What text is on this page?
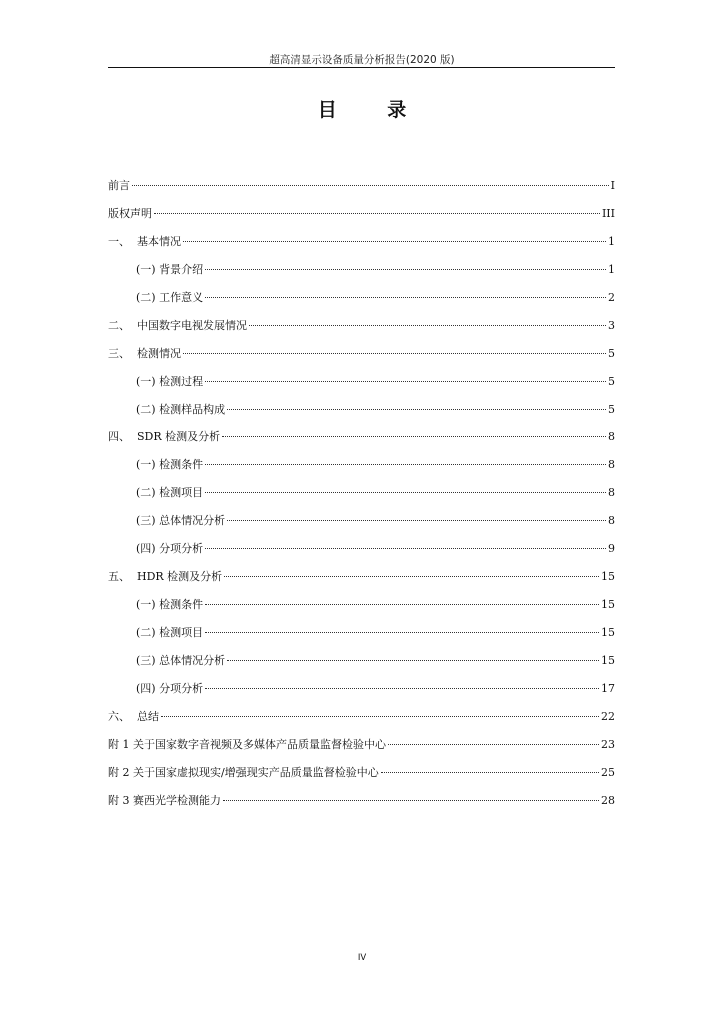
超高清显示设备质量分析报告(2020 版)
目 录
前言	I
版权声明	III
一、  基本情况	1
(一) 背景介绍	1
(二) 工作意义	2
二、  中国数字电视发展情况	3
三、  检测情况	5
(一) 检测过程	5
(二) 检测样品构成	5
四、  SDR 检测及分析	8
(一) 检测条件	8
(二) 检测项目	8
(三) 总体情况分析	8
(四) 分项分析	9
五、  HDR 检测及分析	15
(一) 检测条件	15
(二) 检测项目	15
(三) 总体情况分析	15
(四) 分项分析	17
六、  总结	22
附 1 关于国家数字音视频及多媒体产品质量监督检验中心	23
附 2 关于国家虚拟现实/增强现实产品质量监督检验中心	25
附 3 赛西光学检测能力	28
IV
